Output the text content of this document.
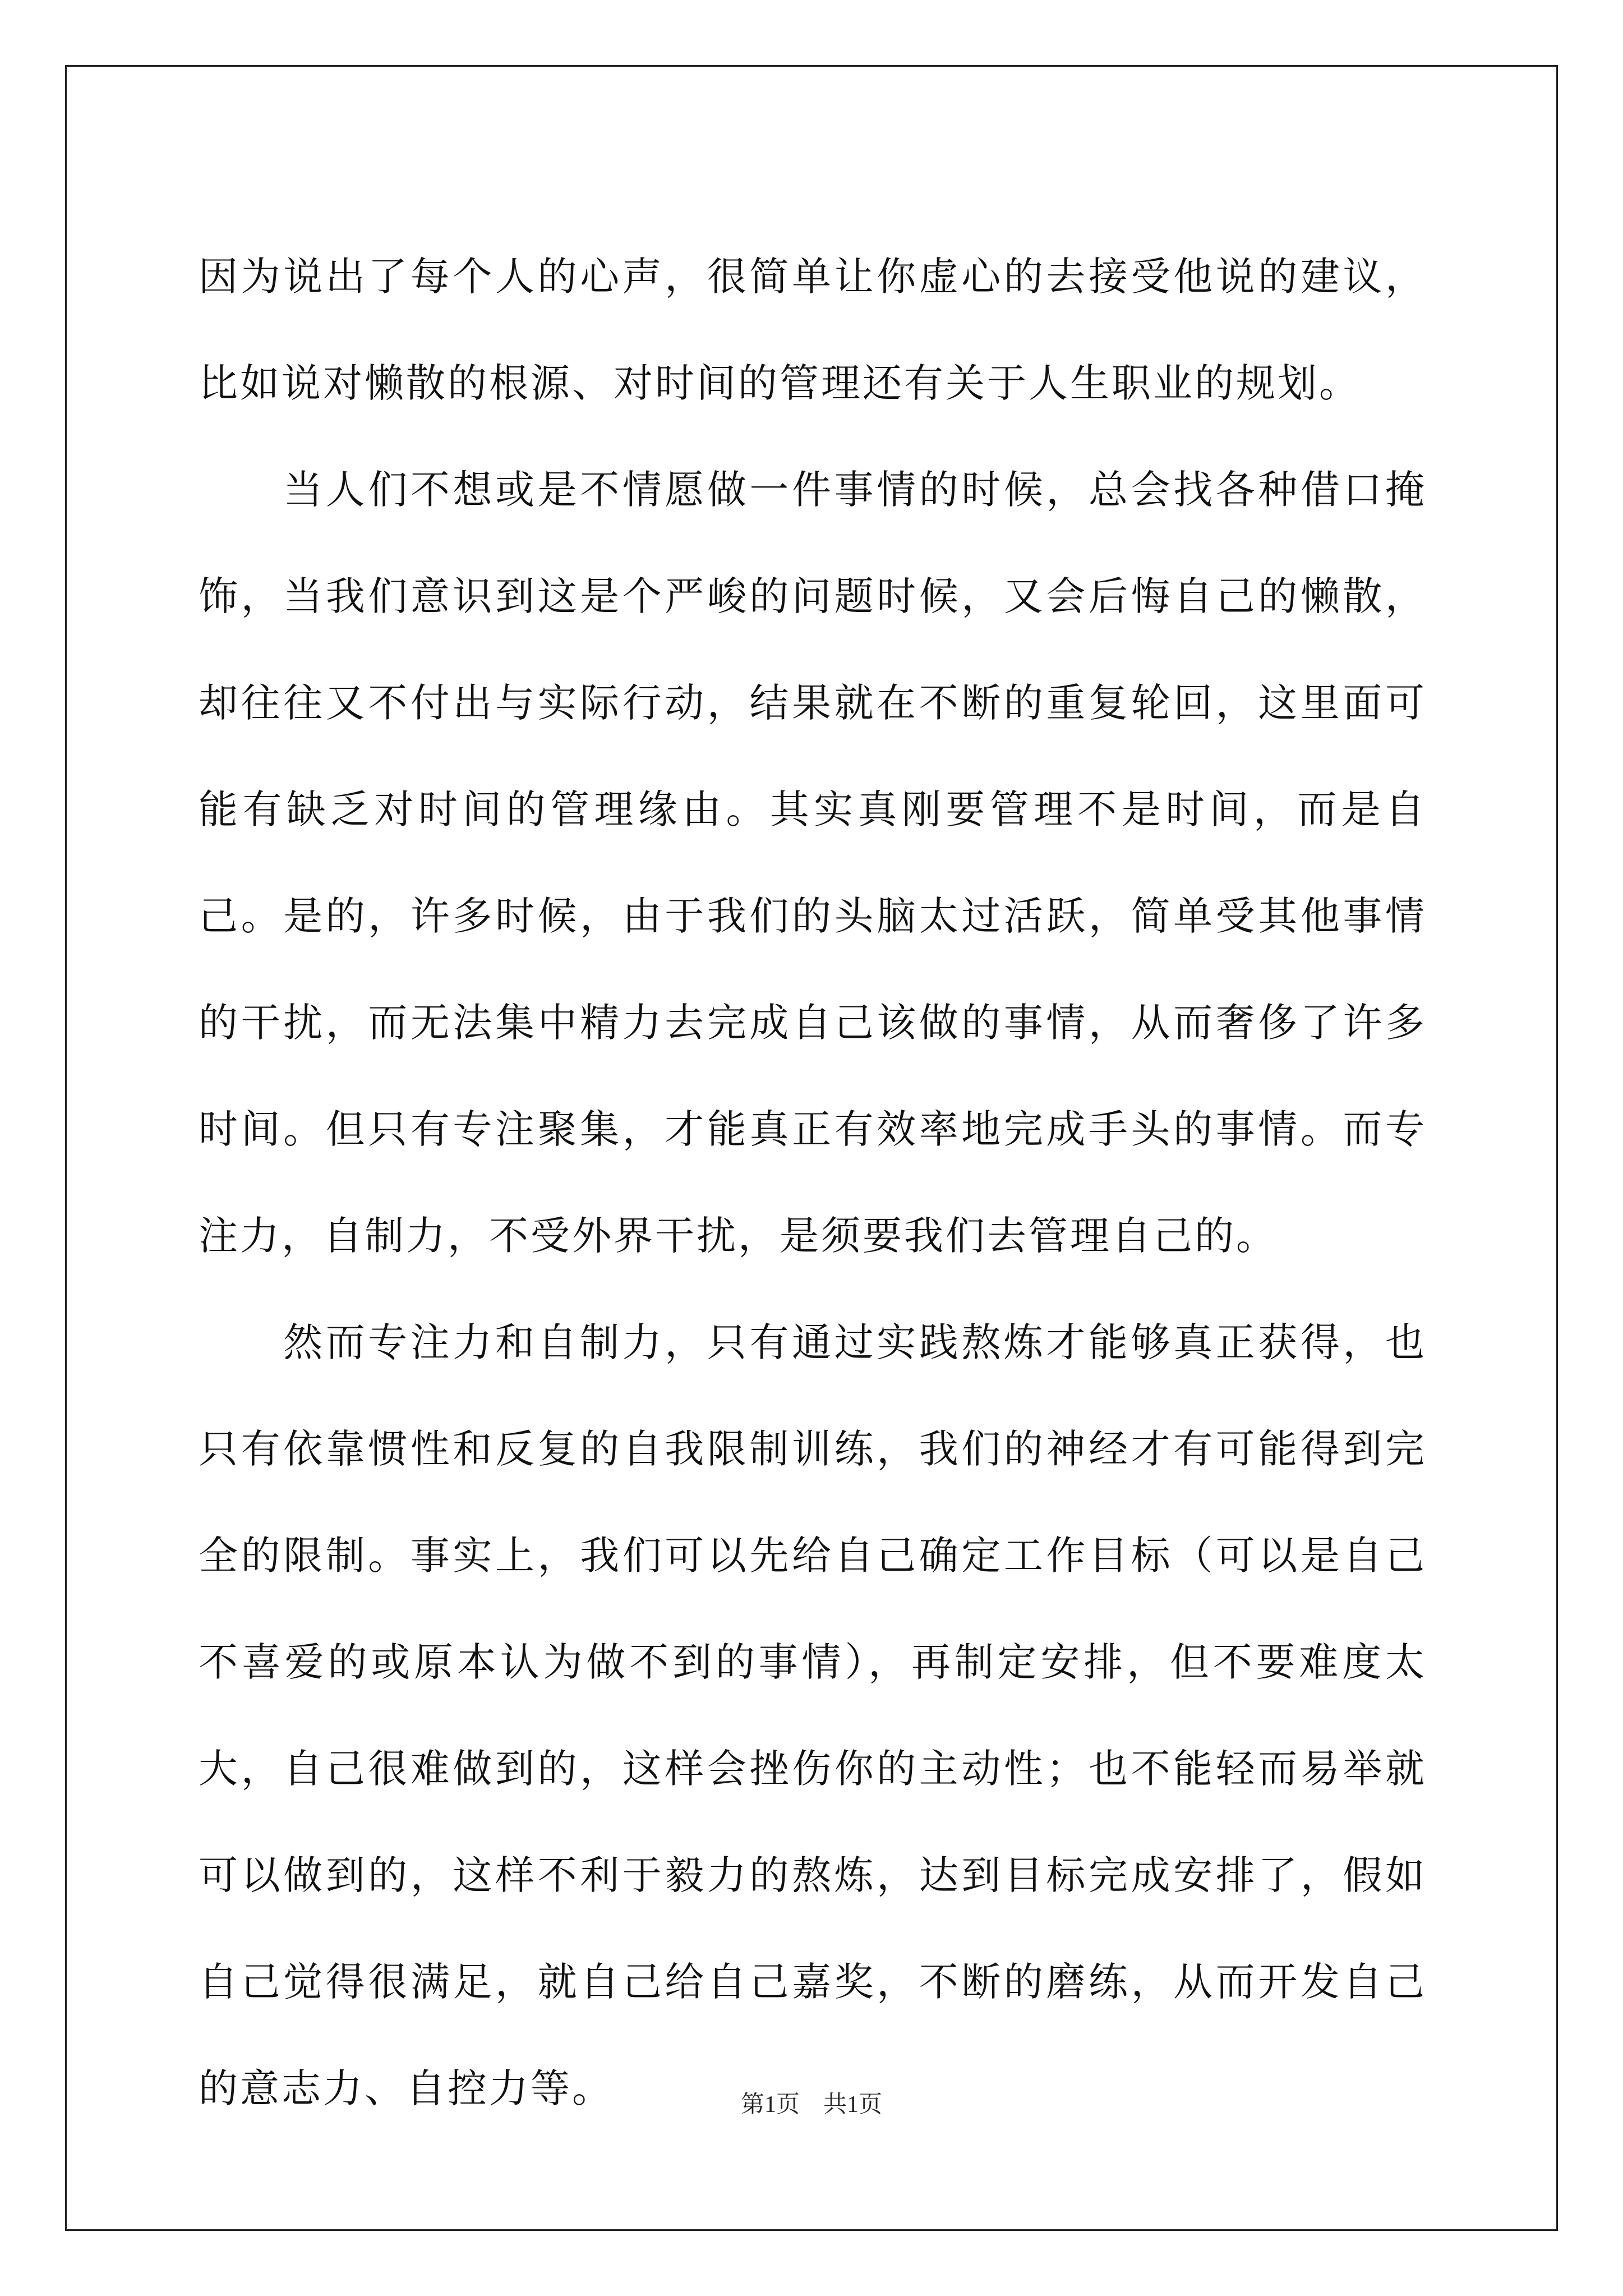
因为说出了每个人的心声，很简单让你虚心的去接受他说的建议，比如说对懒散的根源、对时间的管理还有关于人生职业的规划。

　　当人们不想或是不情愿做一件事情的时候，总会找各种借口掩饰，当我们意识到这是个严峻的问题时候，又会后悔自己的懒散，却往往又不付出与实际行动，结果就在不断的重复轮回，这里面可能有缺乏对时间的管理缘由。其实真刚要管理不是时间，而是自己。是的，许多时候，由于我们的头脑太过活跃，简单受其他事情的干扰，而无法集中精力去完成自己该做的事情，从而奢侈了许多时间。但只有专注聚集，才能真正有效率地完成手头的事情。而专注力，自制力，不受外界干扰，是须要我们去管理自己的。

　　然而专注力和自制力，只有通过实践熬炼才能够真正获得，也只有依靠惯性和反复的自我限制训练，我们的神经才有可能得到完全的限制。事实上，我们可以先给自己确定工作目标（可以是自己不喜爱的或原本认为做不到的事情），再制定安排，但不要难度太大，自己很难做到的，这样会挫伤你的主动性；也不能轻而易举就可以做到的，这样不利于毅力的熬炼，达到目标完成安排了，假如自己觉得很满足，就自己给自己嘉奖，不断的磨练，从而开发自己的意志力、自控力等。	第1页　共1页
